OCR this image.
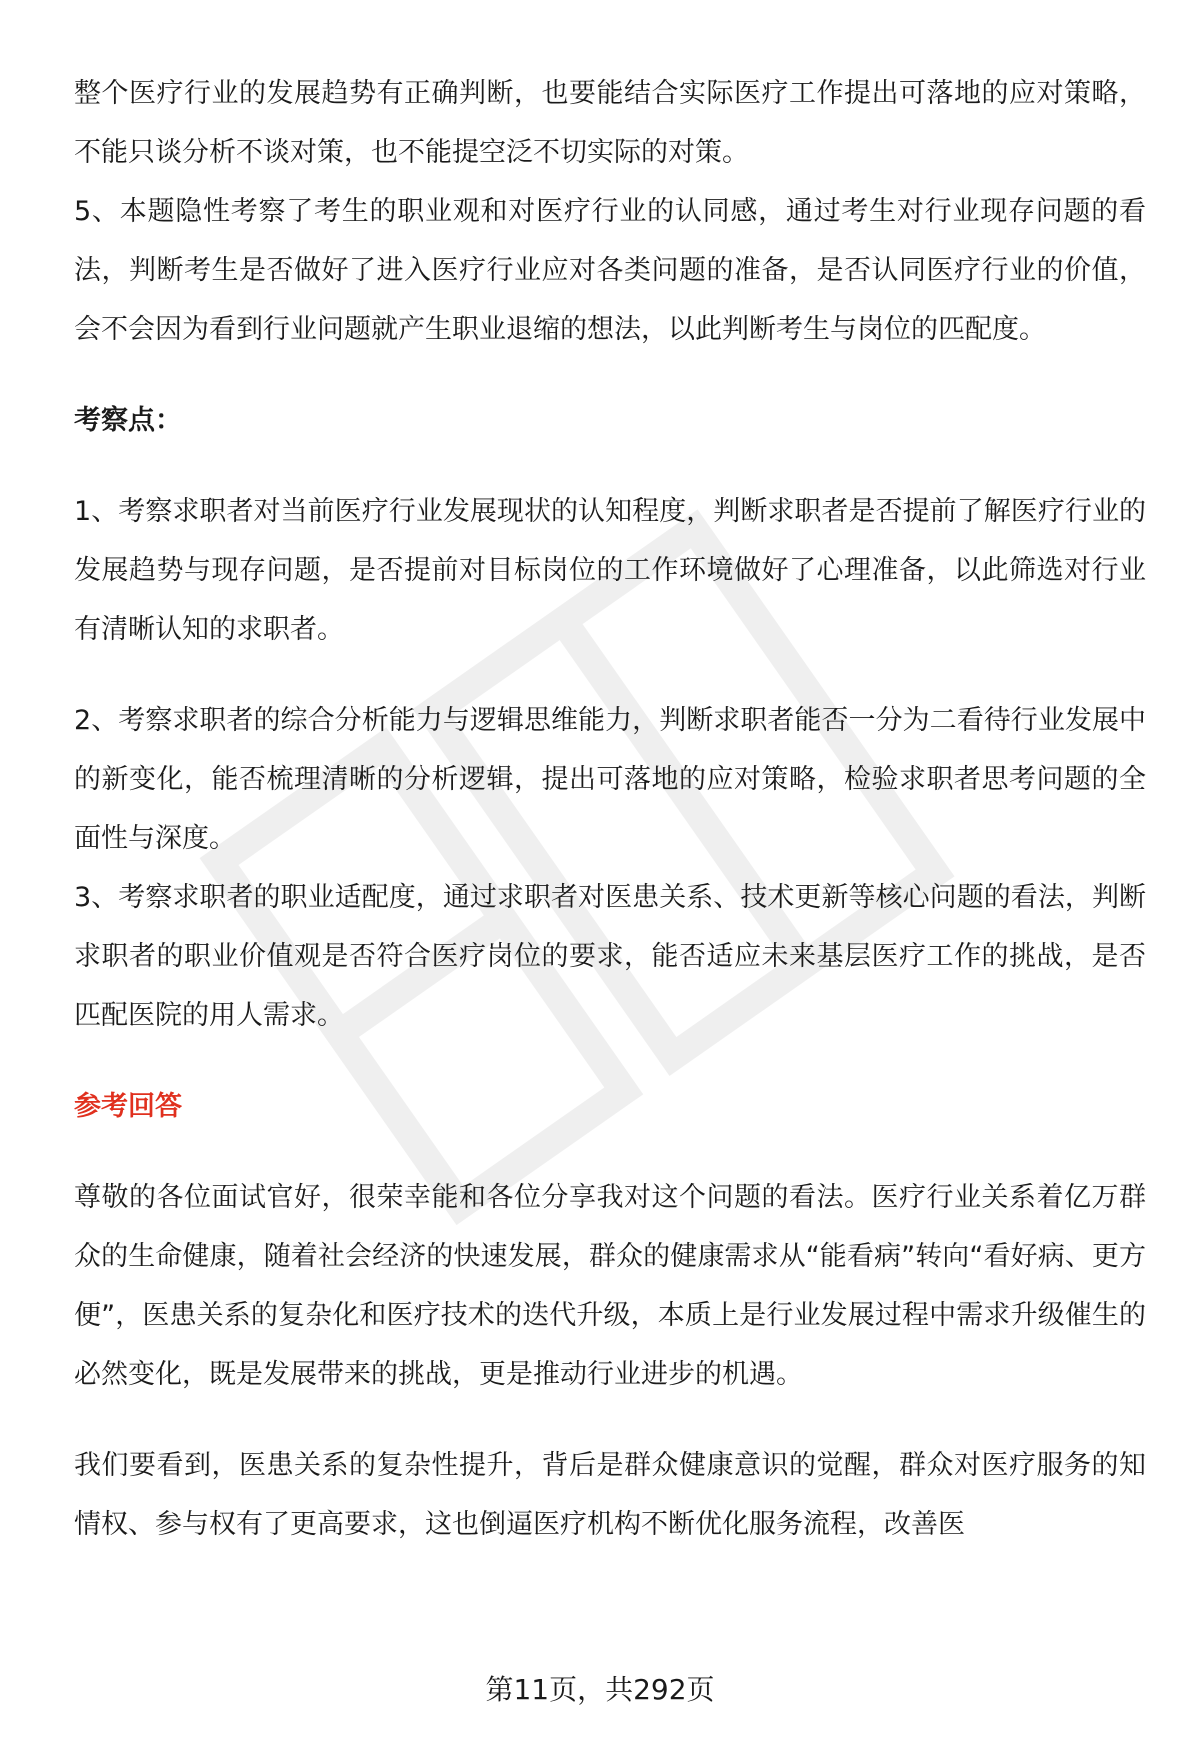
整个医疗行业的发展趋势有正确判断，也要能结合实际医疗工作提出可落地的应对策略，不能只谈分析不谈对策，也不能提空泛不切实际的对策。

5、本题隐性考察了考生的职业观和对医疗行业的认同感，通过考生对行业现存问题的看法，判断考生是否做好了进入医疗行业应对各类问题的准备，是否认同医疗行业的价值，会不会因为看到行业问题就产生职业退缩的想法，以此判断考生与岗位的匹配度。

考察点：

1、考察求职者对当前医疗行业发展现状的认知程度，判断求职者是否提前了解医疗行业的发展趋势与现存问题，是否提前对目标岗位的工作环境做好了心理准备，以此筛选对行业有清晰认知的求职者。

2、考察求职者的综合分析能力与逻辑思维能力，判断求职者能否一分为二看待行业发展中的新变化，能否梳理清晰的分析逻辑，提出可落地的应对策略，检验求职者思考问题的全面性与深度。

3、考察求职者的职业适配度，通过求职者对医患关系、技术更新等核心问题的看法，判断求职者的职业价值观是否符合医疗岗位的要求，能否适应未来基层医疗工作的挑战，是否匹配医院的用人需求。

参考回答

尊敬的各位面试官好，很荣幸能和各位分享我对这个问题的看法。医疗行业关系着亿万群众的生命健康，随着社会经济的快速发展，群众的健康需求从“能看病”转向“看好病、更方便”，医患关系的复杂化和医疗技术的迭代升级，本质上是行业发展过程中需求升级催生的必然变化，既是发展带来的挑战，更是推动行业进步的机遇。

我们要看到，医患关系的复杂性提升，背后是群众健康意识的觉醒，群众对医疗服务的知情权、参与权有了更高要求，这也倒逼医疗机构不断优化服务流程，改善医

第11页，共292页
